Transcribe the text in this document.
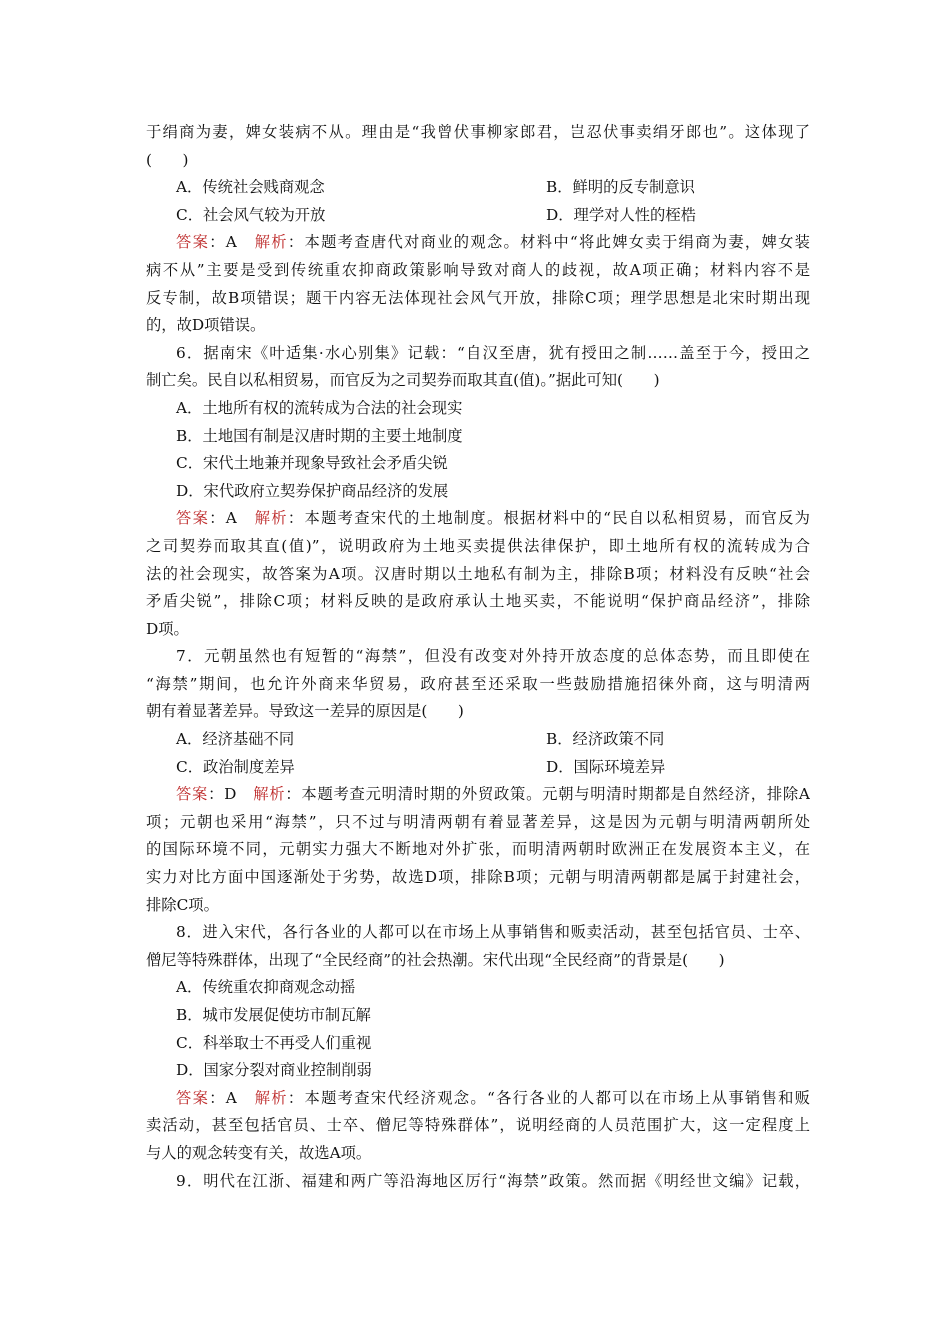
于绢商为妻，婢女装病不从。理由是“我曾伏事柳家郎君，岂忍伏事卖绢牙郎也”。这体现了
(　　)
A．传统社会贱商观念	B．鲜明的反专制意识
C．社会风气较为开放	D．理学对人性的桎梏
答案：A　解析：本题考查唐代对商业的观念。材料中“将此婢女卖于绢商为妻，婢女装
病不从”主要是受到传统重农抑商政策影响导致对商人的歧视，故A项正确；材料内容不是
反专制，故B项错误；题干内容无法体现社会风气开放，排除C项；理学思想是北宋时期出现
的，故D项错误。
6．据南宋《叶适集·水心别集》记载：“自汉至唐，犹有授田之制……盖至于今，授田之
制亡矣。民自以私相贸易，而官反为之司契券而取其直(值)。”据此可知(　　)
A．土地所有权的流转成为合法的社会现实
B．土地国有制是汉唐时期的主要土地制度
C．宋代土地兼并现象导致社会矛盾尖锐
D．宋代政府立契券保护商品经济的发展
答案：A　解析：本题考查宋代的土地制度。根据材料中的“民自以私相贸易，而官反为
之司契券而取其直(值)”，说明政府为土地买卖提供法律保护，即土地所有权的流转成为合
法的社会现实，故答案为A项。汉唐时期以土地私有制为主，排除B项；材料没有反映“社会
矛盾尖锐”，排除C项；材料反映的是政府承认土地买卖，不能说明“保护商品经济”，排除
D项。
7．元朝虽然也有短暂的“海禁”，但没有改变对外持开放态度的总体态势，而且即使在
“海禁”期间，也允许外商来华贸易，政府甚至还采取一些鼓励措施招徕外商，这与明清两
朝有着显著差异。导致这一差异的原因是(　　)
A．经济基础不同	B．经济政策不同
C．政治制度差异	D．国际环境差异
答案：D　解析：本题考查元明清时期的外贸政策。元朝与明清时期都是自然经济，排除A
项；元朝也采用“海禁”，只不过与明清两朝有着显著差异，这是因为元朝与明清两朝所处
的国际环境不同，元朝实力强大不断地对外扩张，而明清两朝时欧洲正在发展资本主义，在
实力对比方面中国逐渐处于劣势，故选D项，排除B项；元朝与明清两朝都是属于封建社会，
排除C项。
8．进入宋代，各行各业的人都可以在市场上从事销售和贩卖活动，甚至包括官员、士卒、
僧尼等特殊群体，出现了“全民经商”的社会热潮。宋代出现“全民经商”的背景是(　　)
A．传统重农抑商观念动摇
B．城市发展促使坊市制瓦解
C．科举取士不再受人们重视
D．国家分裂对商业控制削弱
答案：A　解析：本题考查宋代经济观念。“各行各业的人都可以在市场上从事销售和贩
卖活动，甚至包括官员、士卒、僧尼等特殊群体”，说明经商的人员范围扩大，这一定程度上
与人的观念转变有关，故选A项。
9．明代在江浙、福建和两广等沿海地区厉行“海禁”政策。然而据《明经世文编》记载，
